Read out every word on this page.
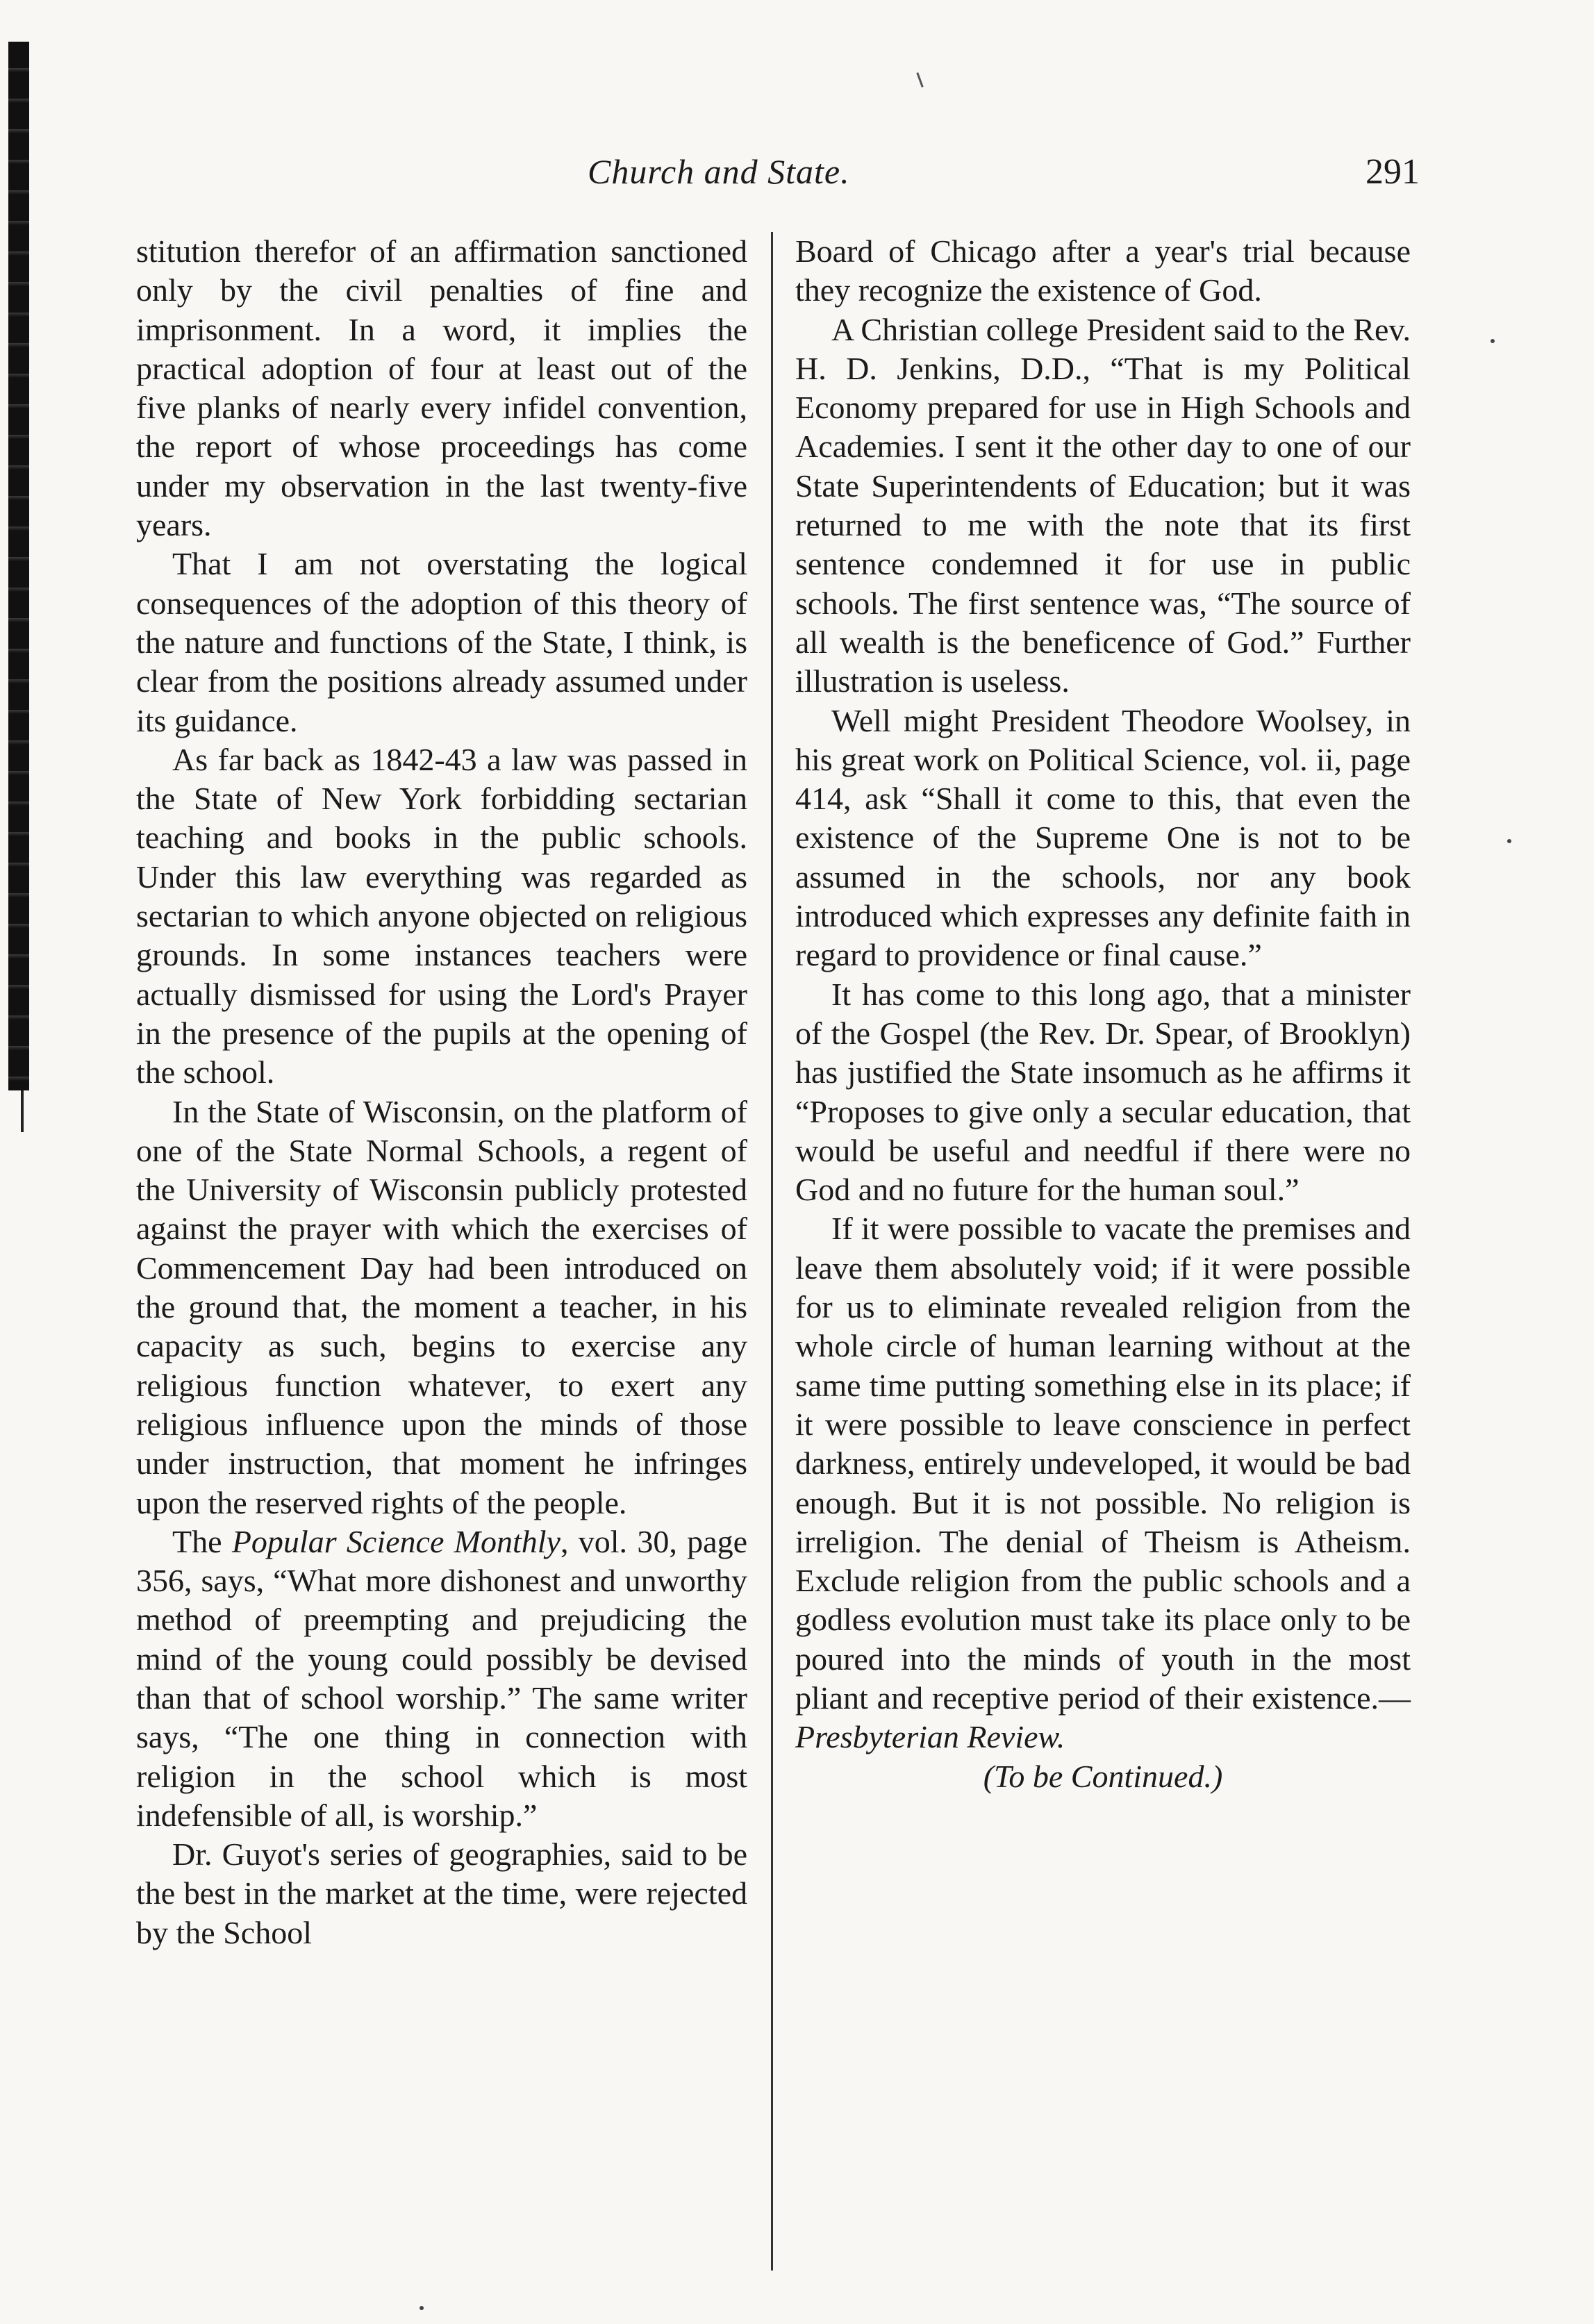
Church and State.	291

stitution therefor of an affirmation sanctioned only by the civil penalties of fine and imprisonment. In a word, it implies the practical adoption of four at least out of the five planks of nearly every infidel convention, the report of whose proceedings has come under my observation in the last twenty-five years.

That I am not overstating the logical consequences of the adoption of this theory of the nature and functions of the State, I think, is clear from the positions already assumed under its guidance.

As far back as 1842-43 a law was passed in the State of New York forbidding sectarian teaching and books in the public schools. Under this law everything was regarded as sectarian to which anyone objected on religious grounds. In some instances teachers were actually dismissed for using the Lord's Prayer in the presence of the pupils at the opening of the school.

In the State of Wisconsin, on the platform of one of the State Normal Schools, a regent of the University of Wisconsin publicly protested against the prayer with which the exercises of Commencement Day had been introduced on the ground that, the moment a teacher, in his capacity as such, begins to exercise any religious function whatever, to exert any religious influence upon the minds of those under instruction, that moment he infringes upon the reserved rights of the people.

The Popular Science Monthly, vol. 30, page 356, says, “What more dishonest and unworthy method of preempting and prejudicing the mind of the young could possibly be devised than that of school worship.” The same writer says, “The one thing in connection with religion in the school which is most indefensible of all, is worship.”

Dr. Guyot's series of geographies, said to be the best in the market at the time, were rejected by the School

Board of Chicago after a year's trial because they recognize the existence of God.

A Christian college President said to the Rev. H. D. Jenkins, D.D., “That is my Political Economy prepared for use in High Schools and Academies. I sent it the other day to one of our State Superintendents of Education; but it was returned to me with the note that its first sentence condemned it for use in public schools. The first sentence was, “The source of all wealth is the beneficence of God.” Further illustration is useless.

Well might President Theodore Woolsey, in his great work on Political Science, vol. ii, page 414, ask “Shall it come to this, that even the existence of the Supreme One is not to be assumed in the schools, nor any book introduced which expresses any definite faith in regard to providence or final cause.”

It has come to this long ago, that a minister of the Gospel (the Rev. Dr. Spear, of Brooklyn) has justified the State insomuch as he affirms it “Proposes to give only a secular education, that would be useful and needful if there were no God and no future for the human soul.”

If it were possible to vacate the premises and leave them absolutely void; if it were possible for us to eliminate revealed religion from the whole circle of human learning without at the same time putting something else in its place; if it were possible to leave conscience in perfect darkness, entirely undeveloped, it would be bad enough. But it is not possible. No religion is irreligion. The denial of Theism is Atheism. Exclude religion from the public schools and a godless evolution must take its place only to be poured into the minds of youth in the most pliant and receptive period of their existence.—Presbyterian Review.

(To be Continued.)
